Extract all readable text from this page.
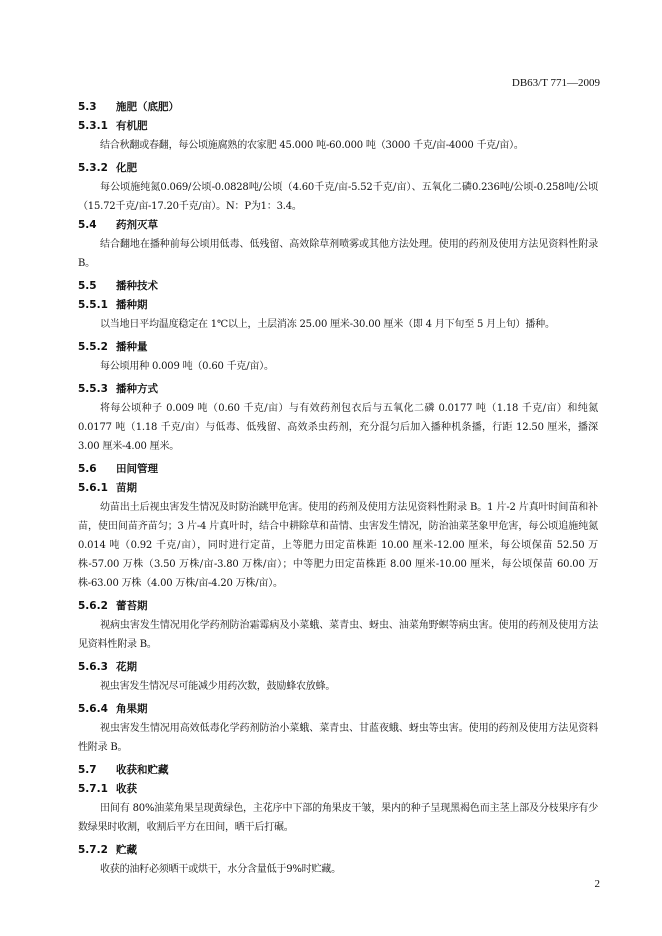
DB63/T 771—2009
5.3 施肥（底肥）
5.3.1 有机肥
结合秋翻或春翻，每公顷施腐熟的农家肥 45.000 吨-60.000 吨（3000 千克/亩-4000 千克/亩）。
5.3.2 化肥
每公顷施纯氮0.069/公顷-0.0828吨/公顷（4.60千克/亩-5.52千克/亩）、五氧化二磷0.236吨/公顷-0.258吨/公顷（15.72千克/亩-17.20千克/亩）。N：P为1：3.4。
5.4 药剂灭草
结合翻地在播种前每公顷用低毒、低残留、高效除草剂喷雾或其他方法处理。使用的药剂及使用方法见资料性附录 B。
5.5 播种技术
5.5.1 播种期
以当地日平均温度稳定在 1℃以上，土层消冻 25.00 厘米-30.00 厘米（即 4 月下旬至 5 月上旬）播种。
5.5.2 播种量
每公顷用种 0.009 吨（0.60 千克/亩）。
5.5.3 播种方式
将每公顷种子 0.009 吨（0.60 千克/亩）与有效药剂包衣后与五氧化二磷 0.0177 吨（1.18 千克/亩）和纯氮 0.0177 吨（1.18 千克/亩）与低毒、低残留、高效杀虫药剂，充分混匀后加入播种机条播，行距 12.50 厘米，播深 3.00 厘米-4.00 厘米。
5.6 田间管理
5.6.1 苗期
幼苗出土后视虫害发生情况及时防治跳甲危害。使用的药剂及使用方法见资料性附录 B。1 片-2 片真叶时间苗和补苗，使田间苗齐苗匀；3 片-4 片真叶时，结合中耕除草和苗情、虫害发生情况，防治油菜茎象甲危害，每公顷追施纯氮 0.014 吨（0.92 千克/亩），同时进行定苗，上等肥力田定苗株距 10.00 厘米-12.00 厘米，每公顷保苗 52.50 万株-57.00 万株（3.50 万株/亩-3.80 万株/亩）；中等肥力田定苗株距 8.00 厘米-10.00 厘米，每公顷保苗 60.00 万株-63.00 万株（4.00 万株/亩-4.20 万株/亩）。
5.6.2 蕾苔期
视病虫害发生情况用化学药剂防治霜霉病及小菜蛾、菜青虫、蚜虫、油菜角野螟等病虫害。使用的药剂及使用方法见资料性附录 B。
5.6.3 花期
视虫害发生情况尽可能减少用药次数，鼓励蜂农放蜂。
5.6.4 角果期
视虫害发生情况用高效低毒化学药剂防治小菜蛾、菜青虫、甘蓝夜蛾、蚜虫等虫害。使用的药剂及使用方法见资料性附录 B。
5.7 收获和贮藏
5.7.1 收获
田间有 80%油菜角果呈现黄绿色，主花序中下部的角果皮干皱，果内的种子呈现黑褐色而主茎上部及分枝果序有少数绿果时收割，收割后平方在田间，晒干后打碾。
5.7.2 贮藏
收获的油籽必须晒干或烘干，水分含量低于9%时贮藏。
2
